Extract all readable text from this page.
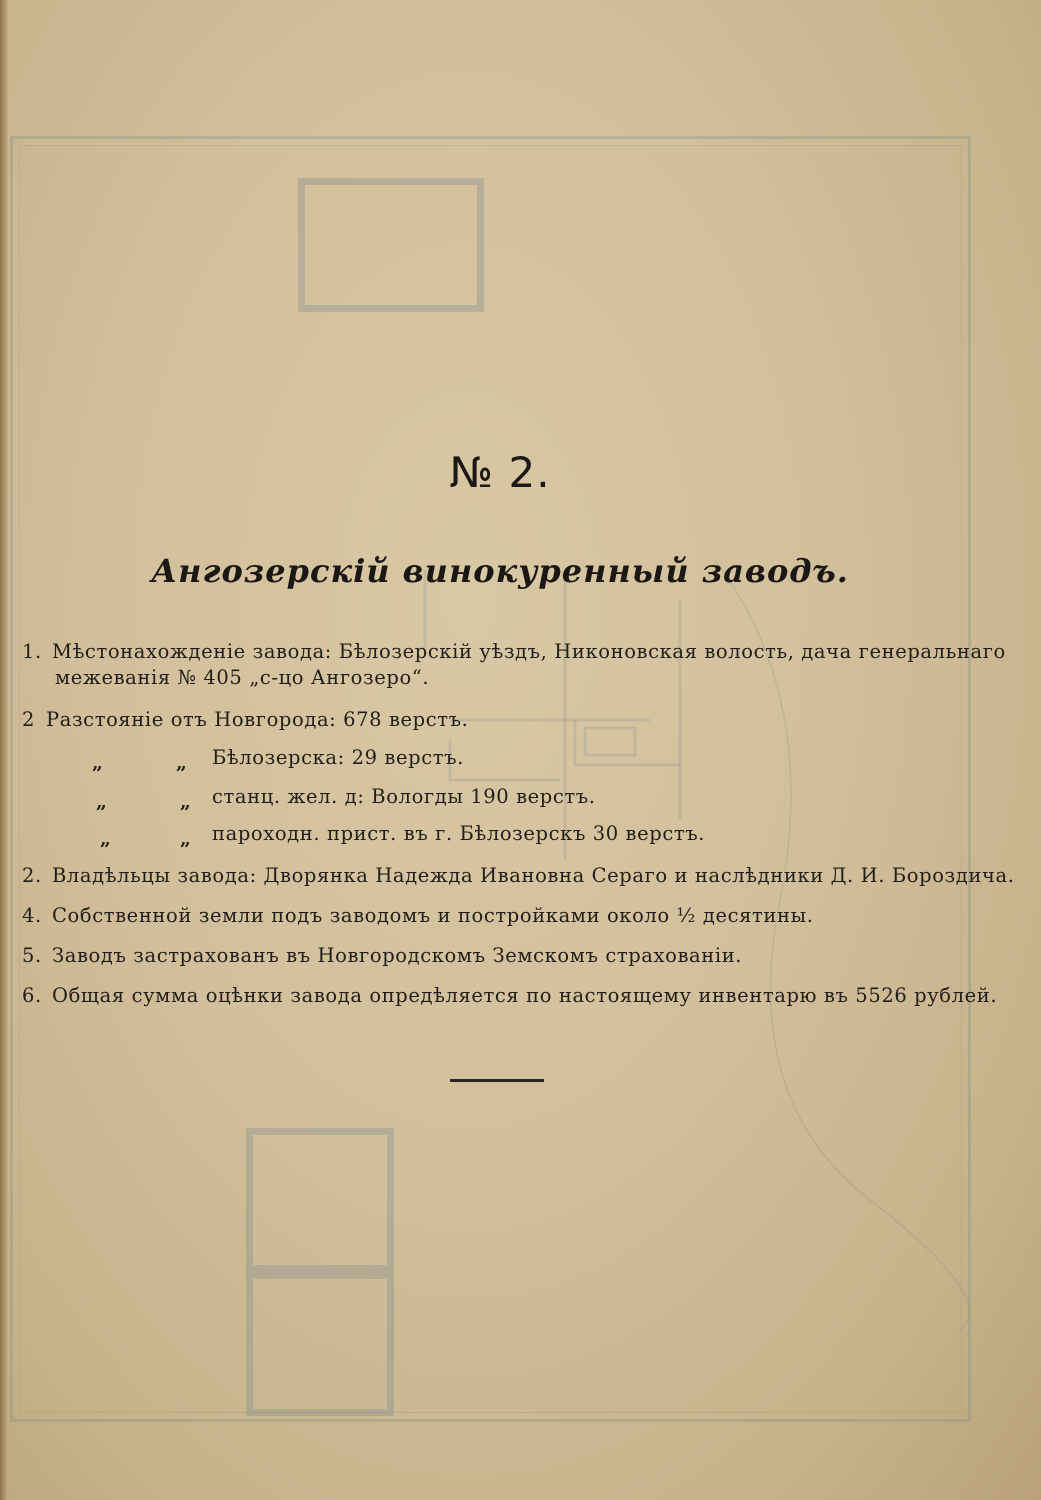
№ 2.
Ангозерскій винокуренный заводъ.
1. Мѣстонахожденіе завода: Бѣлозерскій уѣздъ, Никоновская волость, дача генеральнаго
межеванія № 405 „с-цо Ангозеро“.
2 Разстояніе отъ Новгорода: 678 верстъ.
„	„ Бѣлозерска: 29 верстъ.
„	„ станц. жел. д: Вологды 190 верстъ.
„	„ пароходн. прист. въ г. Бѣлозерскъ 30 верстъ.
2. Владѣльцы завода: Дворянка Надежда Ивановна Сераго и наслѣдники Д. И. Бороздича.
4. Собственной земли подъ заводомъ и постройками около ½ десятины.
5. Заводъ застрахованъ въ Новгородскомъ Земскомъ страхованіи.
6. Общая сумма оцѣнки завода опредѣляется по настоящему инвентарю въ 5526 рублей.
